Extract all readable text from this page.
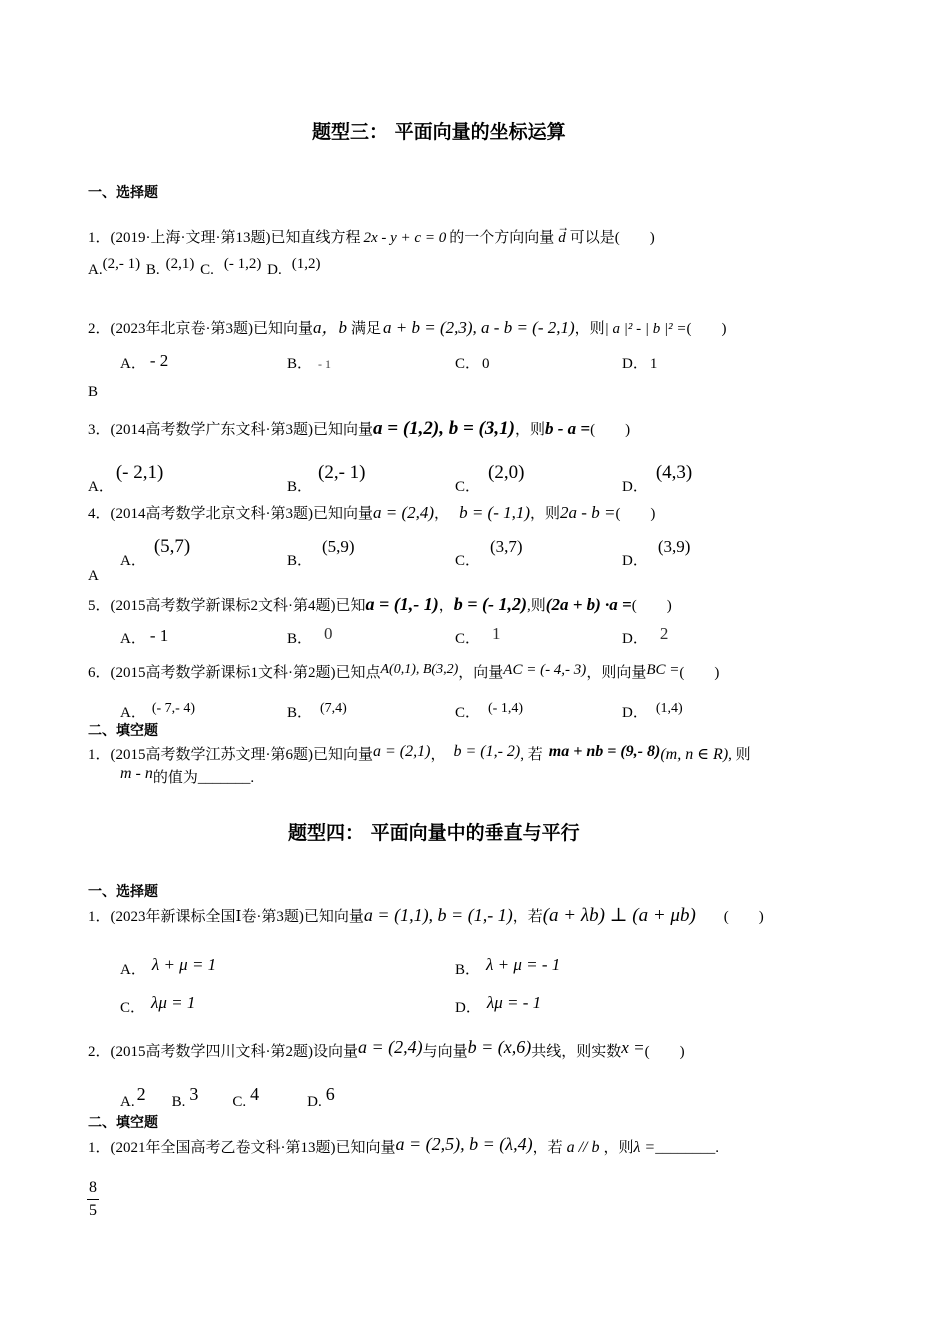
题型三： 平面向量的坐标运算
一、选择题
1．(2019·上海·文理·第13题)已知直线方程 2x - y + c = 0 的一个方向向量
→
d 可以是(　　)
A.(2,- 1) B. (2,1) C. (- 1,2) D. (1,2)
2．(2023年北京卷·第3题)已知向量a，b 满足 a + b = (2,3), a - b = (- 2,1)，则| a |² - | b |² =(　　)
A． - 2	B． - 1	C． 0	D． 1
B
3．(2014高考数学广东文科·第3题)已知向量a = (1,2), b = (3,1)，则b - a =(　　)
A．(- 2,1)
B．(2,- 1)
C．(2,0)
D．(4,3)
4．(2014高考数学北京文科·第3题)已知向量a = (2,4)， b = (- 1,1)，则2a - b =(　　)
A．(5,7)
B．(5,9)
C．(3,7)
D．(3,9)
A
5．(2015高考数学新课标2文科·第4题)已知a = (1,- 1)，b = (- 1,2),则(2a + b) ·a =(　　)
A． - 1	B． 0	C． 1	D． 2
6．(2015高考数学新课标1文科·第2题)已知点A(0,1), B(3,2)，向量AC = (- 4,- 3)，则向量BC =(　　)
A． (- 7,- 4)	B． (7,4)	C． (- 1,4)	D． (1,4)
二、填空题
1．(2015高考数学江苏文理·第6题)已知向量a = (2,1)， b = (1,- 2), 若 ma + nb = (9,- 8)(m, n ∈ R), 则
m - n的值为_______.
题型四： 平面向量中的垂直与平行
一、选择题
1．(2023年新课标全国Ⅰ卷·第3题)已知向量a = (1,1), b = (1,- 1)，若(a + λb) ⊥ (a + μb) (　　)
A． λ + μ = 1	B． λ + μ = - 1
C． λμ = 1	D． λμ = - 1
2．(2015高考数学四川文科·第2题)设向量a = (2,4)与向量b = (x,6)共线，则实数x =(　　)
A. 2 B. 3 C. 4	D. 6
二、填空题
1．(2021年全国高考乙卷文科·第13题)已知向量a = (2,5), b = (λ,4)，若 a // b ，则λ =________.
$\frac{8}{5}$
